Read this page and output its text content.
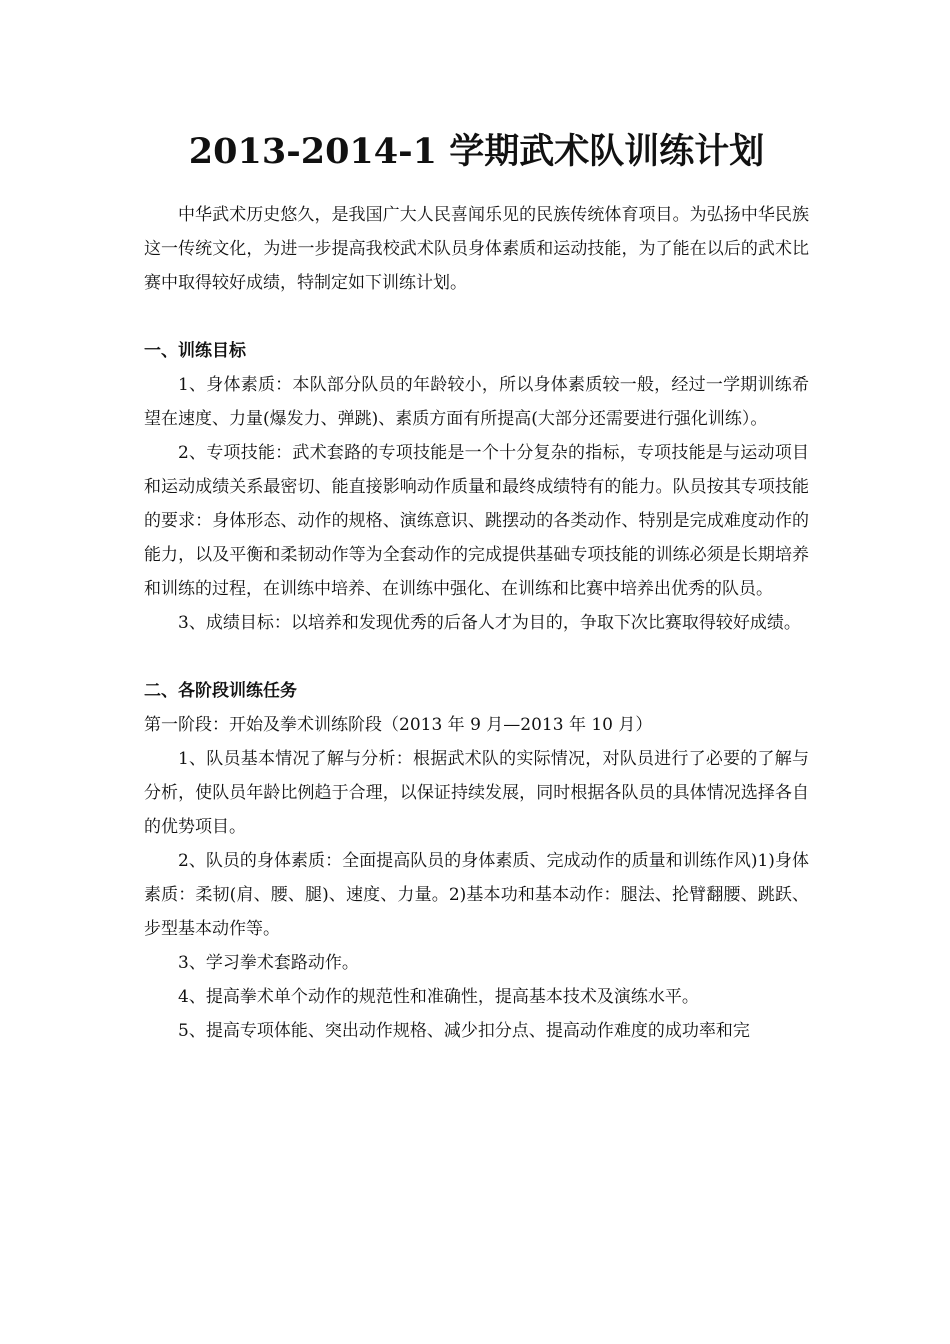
2013-2014-1 学期武术队训练计划

中华武术历史悠久，是我国广大人民喜闻乐见的民族传统体育项目。为弘扬中华民族这一传统文化，为进一步提高我校武术队员身体素质和运动技能，为了能在以后的武术比赛中取得较好成绩，特制定如下训练计划。

一、训练目标

1、身体素质：本队部分队员的年龄较小，所以身体素质较一般，经过一学期训练希望在速度、力量(爆发力、弹跳)、素质方面有所提高(大部分还需要进行强化训练）。

2、专项技能：武术套路的专项技能是一个十分复杂的指标，专项技能是与运动项目和运动成绩关系最密切、能直接影响动作质量和最终成绩特有的能力。队员按其专项技能的要求：身体形态、动作的规格、演练意识、跳摆动的各类动作、特别是完成难度动作的能力，以及平衡和柔韧动作等为全套动作的完成提供基础专项技能的训练必须是长期培养和训练的过程，在训练中培养、在训练中强化、在训练和比赛中培养出优秀的队员。

3、成绩目标：以培养和发现优秀的后备人才为目的，争取下次比赛取得较好成绩。

二、各阶段训练任务

第一阶段：开始及拳术训练阶段（2013 年 9 月—2013 年 10 月）

1、队员基本情况了解与分析：根据武术队的实际情况，对队员进行了必要的了解与分析，使队员年龄比例趋于合理，以保证持续发展，同时根据各队员的具体情况选择各自的优势项目。

2、队员的身体素质：全面提高队员的身体素质、完成动作的质量和训练作风)1)身体素质：柔韧(肩、腰、腿)、速度、力量。2)基本功和基本动作：腿法、抡臂翻腰、跳跃、步型基本动作等。

3、学习拳术套路动作。

4、提高拳术单个动作的规范性和准确性，提高基本技术及演练水平。

5、提高专项体能、突出动作规格、减少扣分点、提高动作难度的成功率和完
